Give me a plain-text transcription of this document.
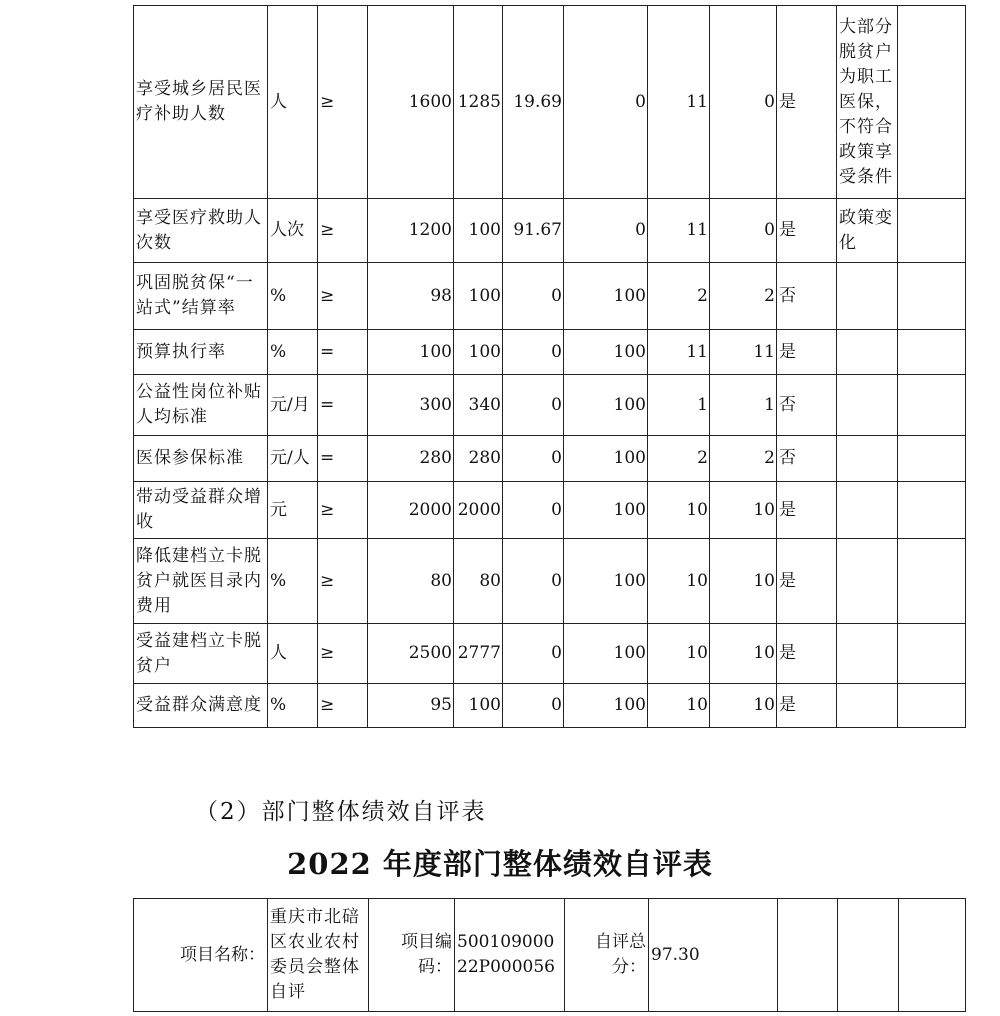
享受城乡居民医疗补助人数	人	≥	1600	1285	19.69	0	11	0	是	大部分脱贫户为职工医保，不符合政策享受条件	
享受医疗救助人次数	人次	≥	1200	100	91.67	0	11	0	是	政策变化	
巩固脱贫保“一站式”结算率	%	≥	98	100	0	100	2	2	否		
预算执行率	%	=	100	100	0	100	11	11	是		
公益性岗位补贴人均标准	元/月	=	300	340	0	100	1	1	否		
医保参保标准	元/人	=	280	280	0	100	2	2	否		
带动受益群众增收	元	≥	2000	2000	0	100	10	10	是		
降低建档立卡脱贫户就医目录内费用	%	≥	80	80	0	100	10	10	是		
受益建档立卡脱贫户	人	≥	2500	2777	0	100	10	10	是		
受益群众满意度	%	≥	95	100	0	100	10	10	是		
（2）部门整体绩效自评表
2022 年度部门整体绩效自评表
项目名称：	重庆市北碚区农业农村委员会整体自评	项目编码：	50010900022P000056	自评总分：	97.30			
